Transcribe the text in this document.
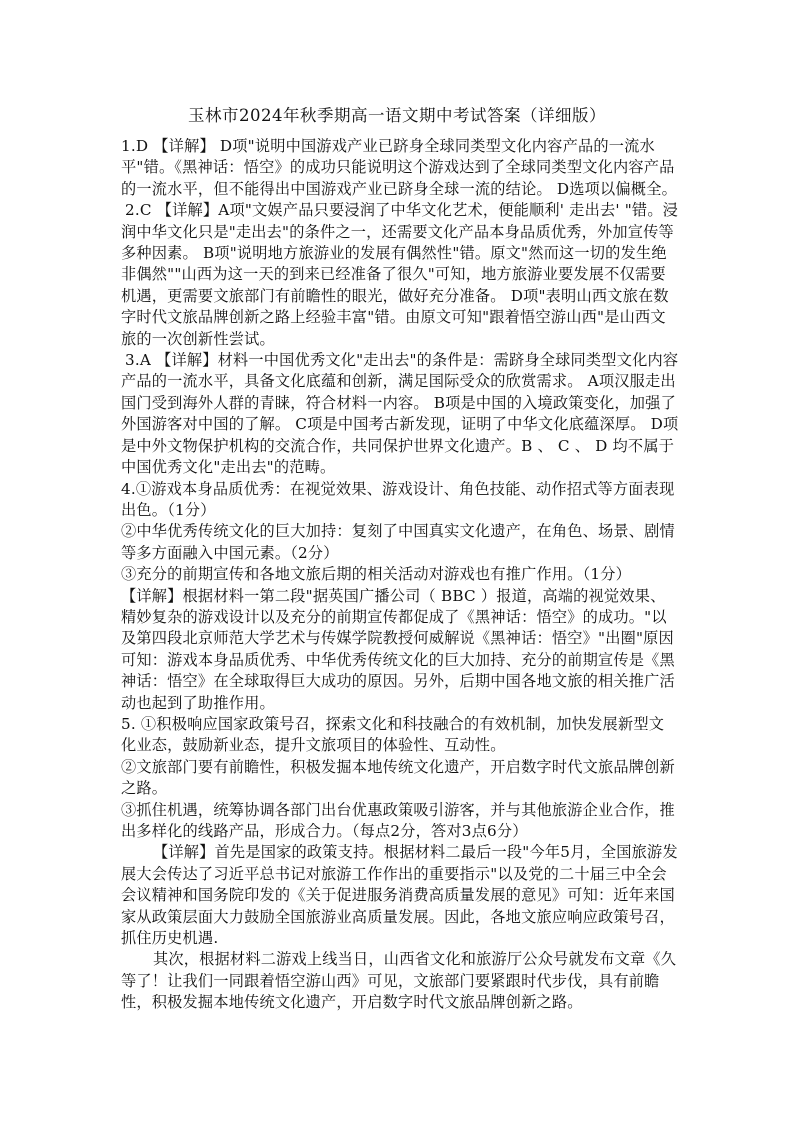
玉林市2024年秋季期高一语文期中考试答案（详细版）

1.D 【详解】 D项"说明中国游戏产业已跻身全球同类型文化内容产品的一流水平"错。《黑神话：悟空》的成功只能说明这个游戏达到了全球同类型文化内容产品的一流水平，但不能得出中国游戏产业已跻身全球一流的结论。 D选项以偏概全。

2.C 【详解】A项"文娱产品只要浸润了中华文化艺术，便能顺利' 走出去' "错。浸润中华文化只是"走出去"的条件之一，还需要文化产品本身品质优秀，外加宣传等多种因素。 B项"说明地方旅游业的发展有偶然性"错。原文"然而这一切的发生绝非偶然""山西为这一天的到来已经准备了很久"可知，地方旅游业要发展不仅需要机遇，更需要文旅部门有前瞻性的眼光，做好充分准备。 D项"表明山西文旅在数字时代文旅品牌创新之路上经验丰富"错。由原文可知"跟着悟空游山西"是山西文旅的一次创新性尝试。

3.A 【详解】材料一中国优秀文化"走出去"的条件是：需跻身全球同类型文化内容产品的一流水平，具备文化底蕴和创新，满足国际受众的欣赏需求。 A项汉服走出国门受到海外人群的青睐，符合材料一内容。 B项是中国的入境政策变化，加强了外国游客对中国的了解。 C项是中国考古新发现，证明了中华文化底蕴深厚。 D项是中外文物保护机构的交流合作，共同保护世界文化遗产。B 、 C 、 D 均不属于中国优秀文化"走出去"的范畴。

4.①游戏本身品质优秀：在视觉效果、游戏设计、角色技能、动作招式等方面表现出色。（1分）

②中华优秀传统文化的巨大加持：复刻了中国真实文化遗产，在角色、场景、剧情等多方面融入中国元素。（2分）

③充分的前期宣传和各地文旅后期的相关活动对游戏也有推广作用。（1分）

【详解】根据材料一第二段"据英国广播公司（ BBC ）报道，高端的视觉效果、精妙复杂的游戏设计以及充分的前期宣传都促成了《黑神话：悟空》的成功。"以及第四段北京师范大学艺术与传媒学院教授何威解说《黑神话：悟空》"出圈"原因可知：游戏本身品质优秀、中华优秀传统文化的巨大加持、充分的前期宣传是《黑神话：悟空》在全球取得巨大成功的原因。另外，后期中国各地文旅的相关推广活动也起到了助推作用。

5. ①积极响应国家政策号召，探索文化和科技融合的有效机制，加快发展新型文化业态，鼓励新业态，提升文旅项目的体验性、互动性。

②文旅部门要有前瞻性，积极发掘本地传统文化遗产，开启数字时代文旅品牌创新之路。

③抓住机遇，统筹协调各部门出台优惠政策吸引游客，并与其他旅游企业合作，推出多样化的线路产品，形成合力。（每点2分，答对3点6分）

【详解】首先是国家的政策支持。根据材料二最后一段"今年5月，全国旅游发展大会传达了习近平总书记对旅游工作作出的重要指示"以及党的二十届三中全会会议精神和国务院印发的《关于促进服务消费高质量发展的意见》可知：近年来国家从政策层面大力鼓励全国旅游业高质量发展。因此，各地文旅应响应政策号召，抓住历史机遇.

其次，根据材料二游戏上线当日，山西省文化和旅游厅公众号就发布文章《久等了！让我们一同跟着悟空游山西》可见，文旅部门要紧跟时代步伐，具有前瞻性，积极发掘本地传统文化遗产，开启数字时代文旅品牌创新之路。
